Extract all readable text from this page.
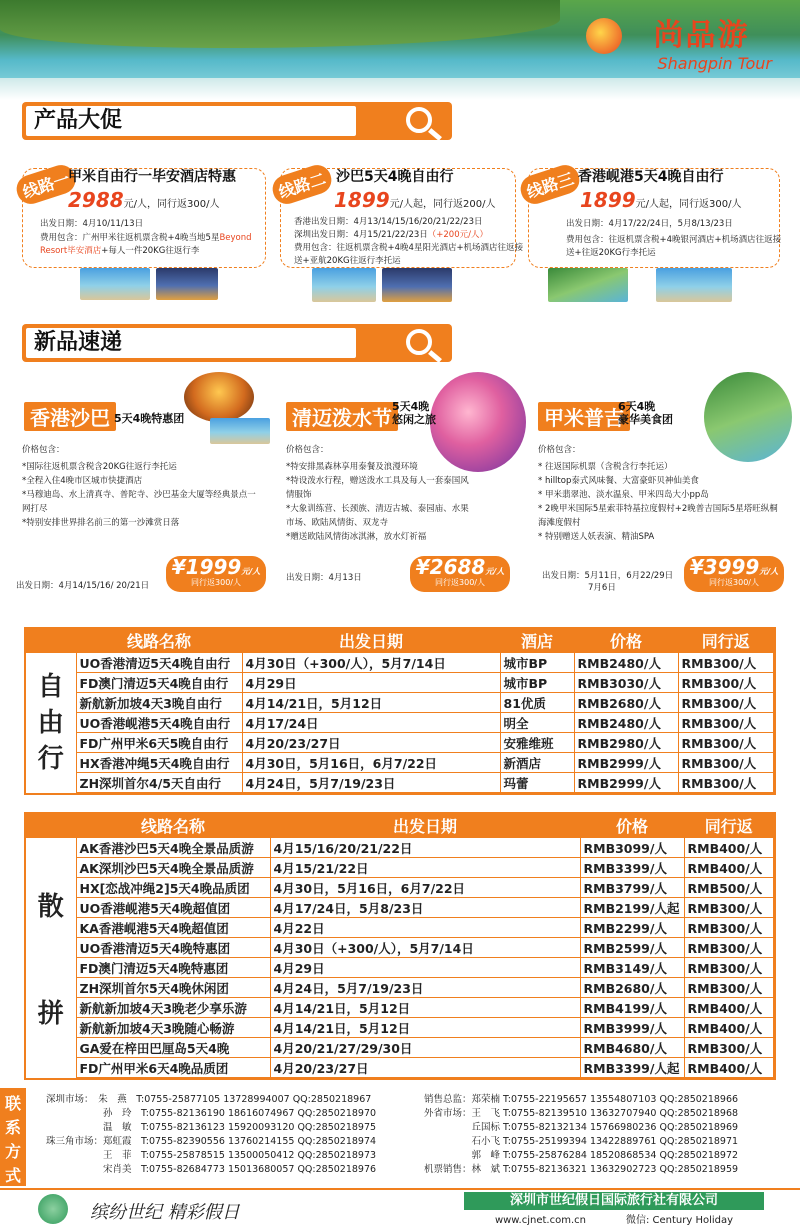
尚品游
Shangpin Tour
产品大促
线路一
甲米自由行一毕安酒店特惠
2988元/人，同行返300/人
出发日期：4月10/11/13日
费用包含：广州甲米往返机票含税+4晚当地5星Beyond Resort毕安酒店+每人一件20KG往返行李
线路二 沙巴5天4晚自由行
1899元/人起，同行返200/人
香港出发日期：4月13/14/15/16/20/21/22/23日
深圳出发日期：4月15/21/22/23日（+200元/人）
费用包含：往返机票含税+4晚4星阳光酒店+机场酒店往返接送+亚航20KG往返行李托运
线路三 香港岘港5天4晚自由行
1899元/人起，同行返300/人
出发日期：4月17/22/24日，5月8/13/23日
费用包含：往返机票含税+4晚银河酒店+机场酒店往返接送+往返20KG行李托运
新品速递
香港沙巴 5天4晚特惠团
价格包含：
*国际往返机票含税含20KG往返行李托运
*全程入住4晚市区城市快捷酒店
*马穆迪岛、水上清真寺、普陀寺、沙巴基金大厦等经典景点一网打尽
*特别安排世界排名前三的第一沙滩赏日落
出发日期：4月14/15/16/ 20/21日
¥1999元/人
同行返300/人
清迈泼水节 5天4晚
悠闲之旅
价格包含：
*特安排黑森林享用泰餐及浪漫环境
*特设泼水行程，赠送泼水工具及每人一套泰国风情服饰
*大象训练营、长颈族、清迈古城、泰园庙、水果市场、欧陆风情街、双龙寺
*赠送欧陆风情街冰淇淋，放水灯祈福
出发日期：4月13日	¥2688元/人
同行返300/人
甲米普吉
6天4晚
豪华美食团
价格包含：
* 往返国际机票（含税含行李托运）
* hilltop泰式风味餐、大富豪虾贝神仙美食
* 甲米翡翠池、淡水温泉、甲米四岛大小pp岛
* 2晚甲米国际5星索菲特基拉度假村+2晚普吉国际5星塔旺纵桐海滩度假村
* 特别赠送人妖表演、精油SPA
出发日期：5月11日，6月22/29日
7月6日
¥3999元/人
同行返300/人
	线路名称	出发日期	酒店	价格	同行返
自由行	UO香港清迈5天4晚自由行	4月30日（+300/人），5月7/14日	城市BP	RMB2480/人	RMB300/人
	FD澳门清迈5天4晚自由行	4月29日	城市BP	RMB3030/人	RMB300/人
	新航新加坡4天3晚自由行	4月14/21日，5月12日	81优质	RMB2680/人	RMB300/人
	UO香港岘港5天4晚自由行	4月17/24日	明全	RMB2480/人	RMB300/人
	FD广州甲米6天5晚自由行	4月20/23/27日	安雅维班	RMB2980/人	RMB300/人
	HX香港冲绳5天4晚自由行	4月30日，5月16日，6月7/22日	新酒店	RMB2999/人	RMB300/人
	ZH深圳首尔4/5天自由行	4月24日，5月7/19/23日	玛蕾	RMB2999/人	RMB300/人
	线路名称	出发日期	价格	同行返

散
拼	AK香港沙巴5天4晚全景品质游	4月15/16/20/21/22日	RMB3099/人	RMB400/人
	AK深圳沙巴5天4晚全景品质游	4月15/21/22日	RMB3399/人	RMB400/人
	HX[恋战冲绳2]5天4晚品质团	4月30日，5月16日，6月7/22日	RMB3799/人	RMB500/人
	UO香港岘港5天4晚超值团	4月17/24日，5月8/23日	RMB2199/人起	RMB300/人
	KA香港岘港5天4晚超值团	4月22日	RMB2299/人	RMB300/人
	UO香港清迈5天4晚特惠团	4月30日（+300/人），5月7/14日	RMB2599/人	RMB300/人
	FD澳门清迈5天4晚特惠团	4月29日	RMB3149/人	RMB300/人
	ZH深圳首尔5天4晚休闲团	4月24日，5月7/19/23日	RMB2680/人	RMB300/人
	新航新加坡4天3晚老少享乐游	4月14/21日，5月12日	RMB4199/人	RMB400/人
	新航新加坡4天3晚随心畅游	4月14/21日，5月12日	RMB3999/人	RMB400/人
	GA爱在梓田巴厘岛5天4晚	4月20/21/27/29/30日	RMB4680/人	RMB300/人
	FD广州甲米6天4晚品质团	4月20/23/27日	RMB3399/人起	RMB400/人
联系方式
深圳市场：　朱　燕　T:0755-25877105 13728994007 QQ:2850218967
　　　　　　孙　玲　T:0755-82136190 18616074967 QQ:2850218970
　　　　　　温　敏　T:0755-82136123 15920093120 QQ:2850218975
珠三角市场：郑虹霞　T:0755-82390556 13760214155 QQ:2850218974
　　　　　　王　菲　T:0755-25878515 13500050412 QQ:2850218973
　　　　　　宋肖美　T:0755-82684773 15013680057 QQ:2850218976
销售总监：郑荣楠 T:0755-22195657 13554807103 QQ:2850218966
外省市场：王　飞 T:0755-82139510 13632707940 QQ:2850218968
　　　　　丘国标 T:0755-82132134 15766980236 QQ:2850218969
　　　　　石小飞 T:0755-25199394 13422889761 QQ:2850218971
　　　　　郭　峰 T:0755-25876284 18520868534 QQ:2850218972
机票销售：林　斌 T:0755-82136321 13632902723 QQ:2850218959
缤纷世纪 精彩假日
深圳市世纪假日国际旅行社有限公司
www.cjnet.com.cn　　　　微信: Century Holiday
